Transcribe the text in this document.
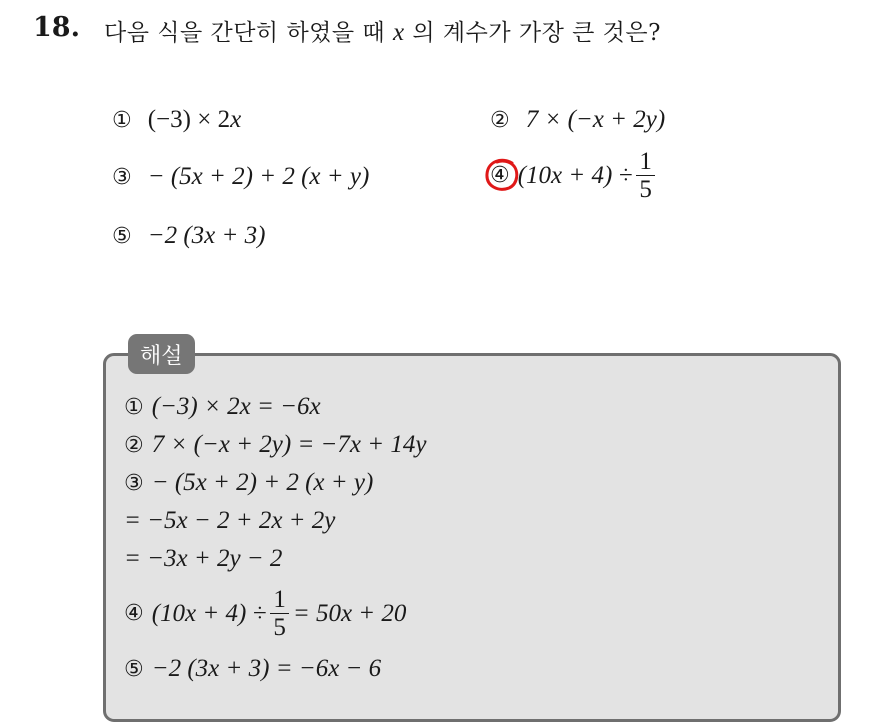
18. 다음 식을 간단히 하였을 때 x 의 계수가 가장 큰 것은?
① (−3) × 2x	② 7 × (−x + 2y)
③ − (5x + 2) + 2 (x + y)	④ $(10x + 4) \div \frac{1}{5}$
⑤ −2 (3x + 3)
해설
① (−3) × 2x = −6x
② 7 × (−x + 2y) = −7x + 14y
③ − (5x + 2) + 2 (x + y)
= −5x − 2 + 2x + 2y
= −3x + 2y − 2
④ $(10x + 4) \div \frac{1}{5} = 50x + 20$
⑤ −2 (3x + 3) = −6x − 6
